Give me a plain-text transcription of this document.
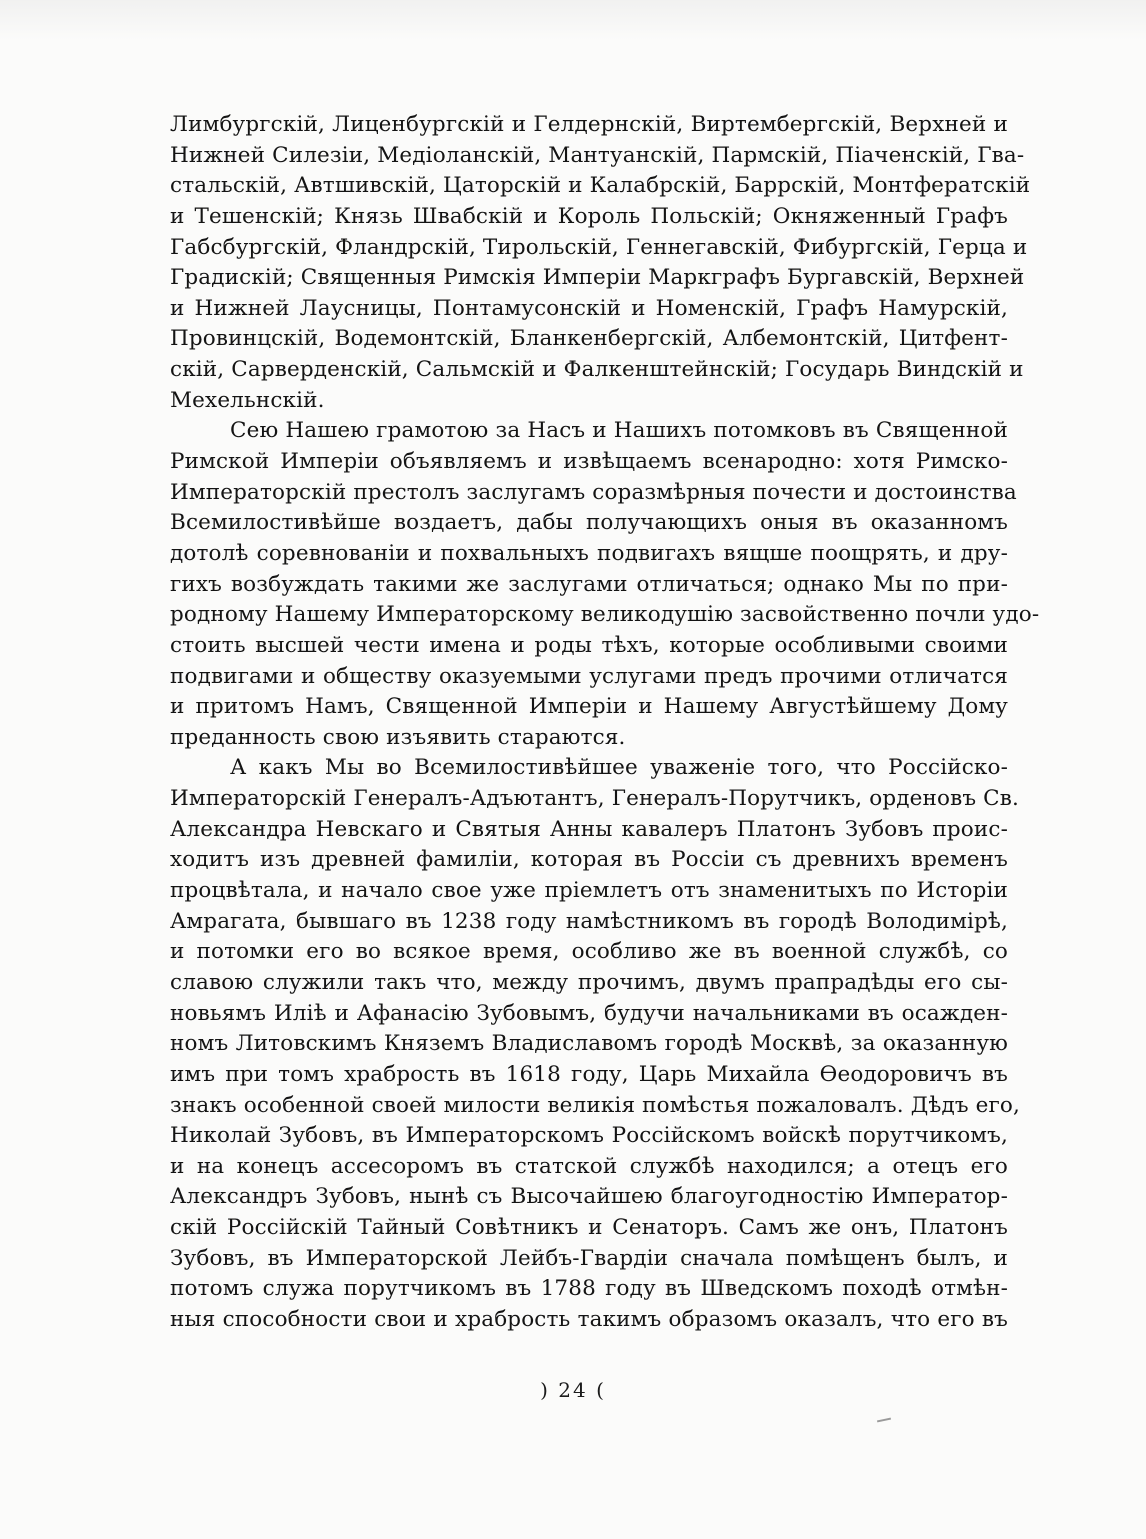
Лимбургскій, Лиценбургскій и Гелдернскій, Виртембергскій, Верхней и
Нижней Силезіи, Медіоланскій, Мантуанскій, Пармскій, Піаченскій, Гва-
стальскій, Автшивскій, Цаторскій и Калабрскій, Баррскій, Монтфератскій
и Тешенскій; Князь Швабскій и Король Польскій; Окняженный Графъ
Габсбургскій, Фландрскій, Тирольскій, Геннегавскій, Фибургскій, Герца и
Градискій; Священныя Римскія Имперіи Маркграфъ Бургавскій, Верхней
и Нижней Лаусницы, Понтамусонскій и Номенскій, Графъ Намурскій,
Провинцскій, Водемонтскій, Бланкенбергскій, Албемонтскій, Цитфент-
скій, Сарверденскій, Сальмскій и Фалкенштейнскій; Государь Виндскій и
Мехельнскій.

Сею Нашею грамотою за Насъ и Нашихъ потомковъ въ Священной
Римской Имперіи объявляемъ и извѣщаемъ всенародно: хотя Римско-
Императорскій престолъ заслугамъ соразмѣрныя почести и достоинства
Всемилостивѣйше воздаетъ, дабы получающихъ оныя въ оказанномъ
дотолѣ соревнованіи и похвальныхъ подвигахъ вящше поощрять, и дру-
гихъ возбуждать такими же заслугами отличаться; однако Мы по при-
родному Нашему Императорскому великодушію засвойственно почли удо-
стоить высшей чести имена и роды тѣхъ, которые особливыми своими
подвигами и обществу оказуемыми услугами предъ прочими отличатся
и притомъ Намъ, Священной Имперіи и Нашему Августѣйшему Дому
преданность свою изъявить стараются.

А какъ Мы во Всемилостивѣйшее уваженіе того, что Россійско-
Императорскій Генералъ-Адъютантъ, Генералъ-Порутчикъ, орденовъ Св.
Александра Невскаго и Святыя Анны кавалеръ Платонъ Зубовъ проис-
ходитъ изъ древней фамиліи, которая въ Россіи съ древнихъ временъ
процвѣтала, и начало свое уже пріемлетъ отъ знаменитыхъ по Исторіи
Амрагата, бывшаго въ 1238 году намѣстникомъ въ городѣ Володимірѣ,
и потомки его во всякое время, особливо же въ военной службѣ, со
славою служили такъ что, между прочимъ, двумъ прапрадѣды его сы-
новьямъ Иліѣ и Афанасію Зубовымъ, будучи начальниками въ осажден-
номъ Литовскимъ Княземъ Владиславомъ городѣ Москвѣ, за оказанную
имъ при томъ храбрость въ 1618 году, Царь Михайла Ѳеодоровичъ въ
знакъ особенной своей милости великія помѣстья пожаловалъ. Дѣдъ его,
Николай Зубовъ, въ Императорскомъ Россійскомъ войскѣ порутчикомъ,
и на конецъ ассесоромъ въ статской службѣ находился; а отецъ его
Александръ Зубовъ, нынѣ съ Высочайшею благоугодностію Император-
скій Россійскій Тайный Совѣтникъ и Сенаторъ. Самъ же онъ, Платонъ
Зубовъ, въ Императорской Лейбъ-Гвардіи сначала помѣщенъ былъ, и
потомъ служа порутчикомъ въ 1788 году въ Шведскомъ походѣ отмѣн-
ныя способности свои и храбрость такимъ образомъ оказалъ, что его въ

) 24 (
